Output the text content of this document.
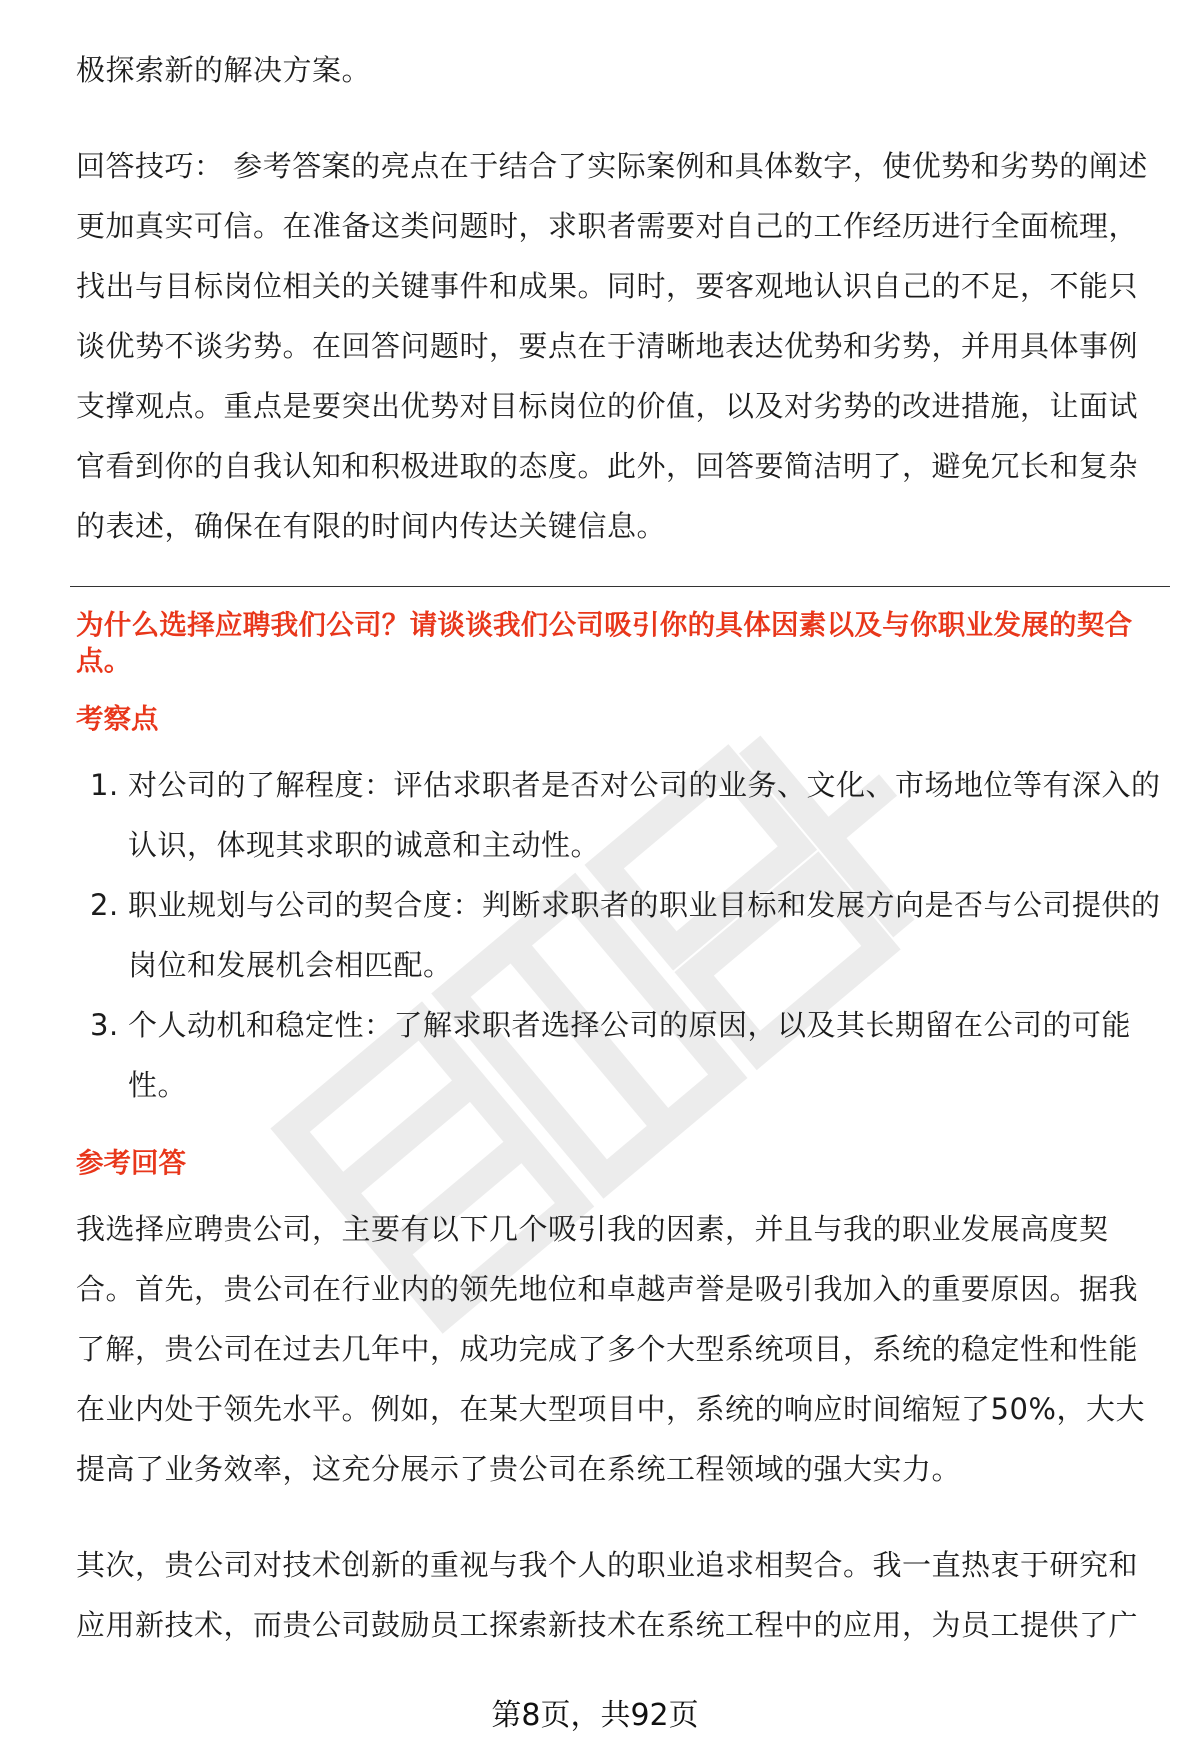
极探索新的解决方案。

回答技巧： 参考答案的亮点在于结合了实际案例和具体数字，使优势和劣势的阐述更加真实可信。在准备这类问题时，求职者需要对自己的工作经历进行全面梳理，找出与目标岗位相关的关键事件和成果。同时，要客观地认识自己的不足，不能只谈优势不谈劣势。在回答问题时，要点在于清晰地表达优势和劣势，并用具体事例支撑观点。重点是要突出优势对目标岗位的价值，以及对劣势的改进措施，让面试官看到你的自我认知和积极进取的态度。此外，回答要简洁明了，避免冗长和复杂的表述，确保在有限的时间内传达关键信息。

为什么选择应聘我们公司？请谈谈我们公司吸引你的具体因素以及与你职业发展的契合点。

考察点
1. 对公司的了解程度：评估求职者是否对公司的业务、文化、市场地位等有深入的认识，体现其求职的诚意和主动性。
2. 职业规划与公司的契合度：判断求职者的职业目标和发展方向是否与公司提供的岗位和发展机会相匹配。
3. 个人动机和稳定性：了解求职者选择公司的原因，以及其长期留在公司的可能性。
参考回答

我选择应聘贵公司，主要有以下几个吸引我的因素，并且与我的职业发展高度契合。首先，贵公司在行业内的领先地位和卓越声誉是吸引我加入的重要原因。据我了解，贵公司在过去几年中，成功完成了多个大型系统项目，系统的稳定性和性能在业内处于领先水平。例如，在某大型项目中，系统的响应时间缩短了50%，大大提高了业务效率，这充分展示了贵公司在系统工程领域的强大实力。

其次，贵公司对技术创新的重视与我个人的职业追求相契合。我一直热衷于研究和应用新技术，而贵公司鼓励员工探索新技术在系统工程中的应用，为员工提供了广

第8页，共92页
